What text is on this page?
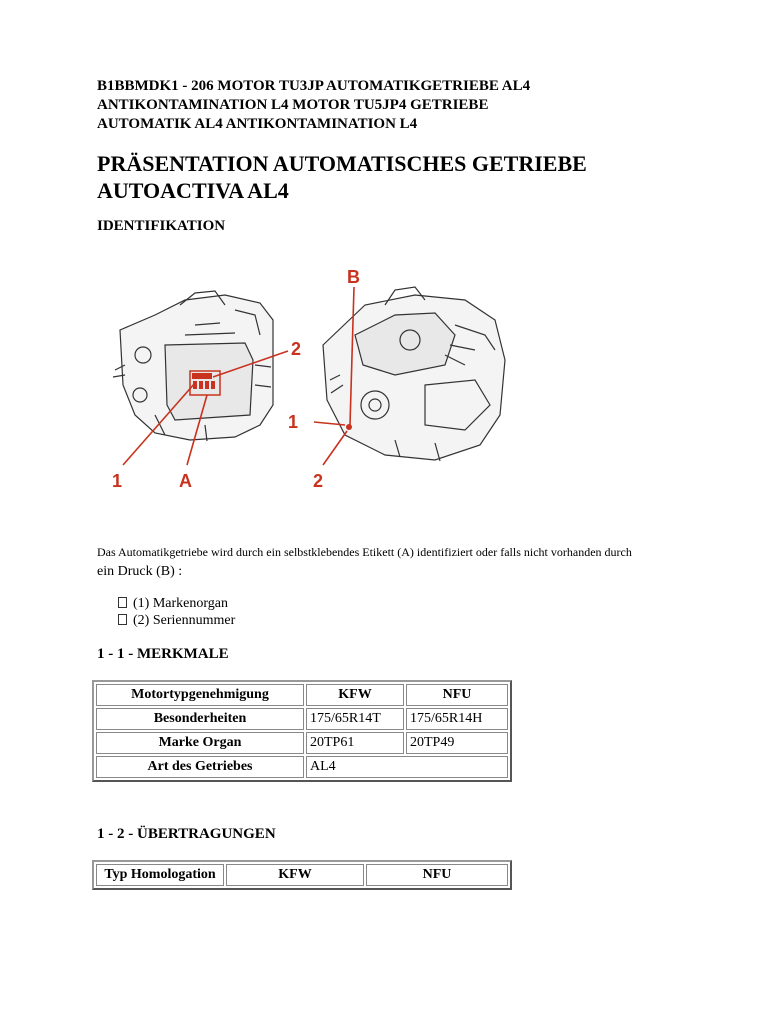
B1BBMDK1 - 206 MOTOR TU3JP AUTOMATIKGETRIEBE AL4
ANTIKONTAMINATION L4 MOTOR TU5JP4 GETRIEBE
AUTOMATIK AL4 ANTIKONTAMINATION L4
PRÄSENTATION AUTOMATISCHES GETRIEBE
AUTOACTIVA AL4
IDENTIFIKATION
2
1	A
B
1
2
Das Automatikgetriebe wird durch ein selbstklebendes Etikett (A) identifiziert oder falls nicht vorhanden durch
ein Druck (B) :
(1) Markenorgan
(2) Seriennummer
1 - 1 - MERKMALE
Motortypgenehmigung	KFW	NFU
Besonderheiten	175/65R14T	175/65R14H
Marke Organ	20TP61	20TP49
Art des Getriebes	AL4	
1 - 2 - ÜBERTRAGUNGEN
Typ Homologation	KFW	NFU
